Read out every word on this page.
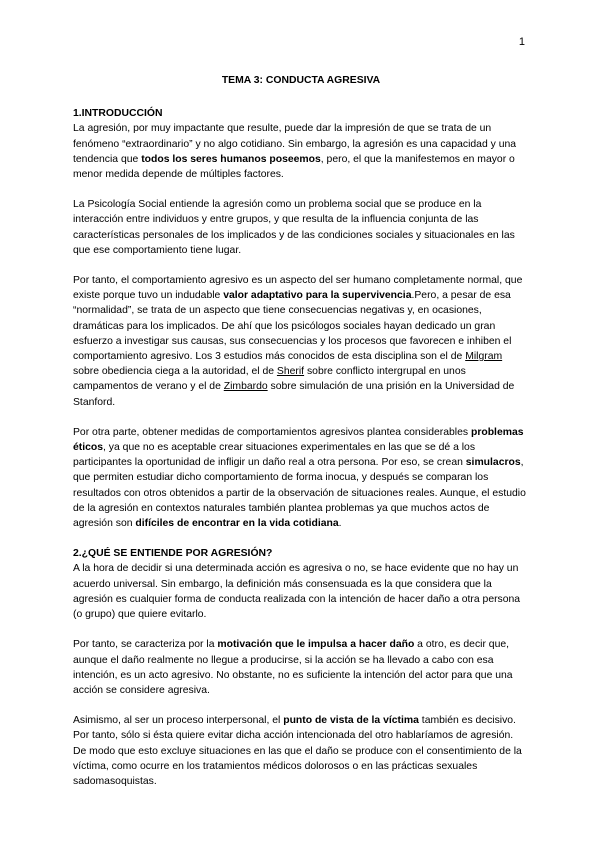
1
TEMA 3: CONDUCTA AGRESIVA
1.INTRODUCCIÓN

La agresión, por muy impactante que resulte, puede dar la impresión de que se trata de un fenómeno “extraordinario” y no algo cotidiano. Sin embargo, la agresión es una capacidad y una tendencia que todos los seres humanos poseemos, pero, el que la manifestemos en mayor o menor medida depende de múltiples factores.

La Psicología Social entiende la agresión como un problema social que se produce en la interacción entre individuos y entre grupos, y que resulta de la influencia conjunta de las características personales de los implicados y de las condiciones sociales y situacionales en las que ese comportamiento tiene lugar.

Por tanto, el comportamiento agresivo es un aspecto del ser humano completamente normal, que existe porque tuvo un indudable valor adaptativo para la supervivencia.Pero, a pesar de esa “normalidad”, se trata de un aspecto que tiene consecuencias negativas y, en ocasiones, dramáticas para los implicados. De ahí que los psicólogos sociales hayan dedicado un gran esfuerzo a investigar sus causas, sus consecuencias y los procesos que favorecen e inhiben el comportamiento agresivo. Los 3 estudios más conocidos de esta disciplina son el de Milgram sobre obediencia ciega a la autoridad, el de Sherif sobre conflicto intergrupal en unos campamentos de verano y el de Zimbardo sobre simulación de una prisión en la Universidad de Stanford.

Por otra parte, obtener medidas de comportamientos agresivos plantea considerables problemas éticos, ya que no es aceptable crear situaciones experimentales en las que se dé a los participantes la oportunidad de infligir un daño real a otra persona. Por eso, se crean simulacros, que permiten estudiar dicho comportamiento de forma inocua, y después se comparan los resultados con otros obtenidos a partir de la observación de situaciones reales. Aunque, el estudio de la agresión en contextos naturales también plantea problemas ya que muchos actos de agresión son difíciles de encontrar en la vida cotidiana.

2.¿QUÉ SE ENTIENDE POR AGRESIÓN?

A la hora de decidir si una determinada acción es agresiva o no, se hace evidente que no hay un acuerdo universal. Sin embargo, la definición más consensuada es la que considera que la agresión es cualquier forma de conducta realizada con la intención de hacer daño a otra persona (o grupo) que quiere evitarlo.

Por tanto, se caracteriza por la motivación que le impulsa a hacer daño a otro, es decir que, aunque el daño realmente no llegue a producirse, si la acción se ha llevado a cabo con esa intención, es un acto agresivo. No obstante, no es suficiente la intención del actor para que una acción se considere agresiva.

Asimismo, al ser un proceso interpersonal, el punto de vista de la víctima también es decisivo. Por tanto, sólo si ésta quiere evitar dicha acción intencionada del otro hablaríamos de agresión. De modo que esto excluye situaciones en las que el daño se produce con el consentimiento de la víctima, como ocurre en los tratamientos médicos dolorosos o en las prácticas sexuales sadomasoquistas.
